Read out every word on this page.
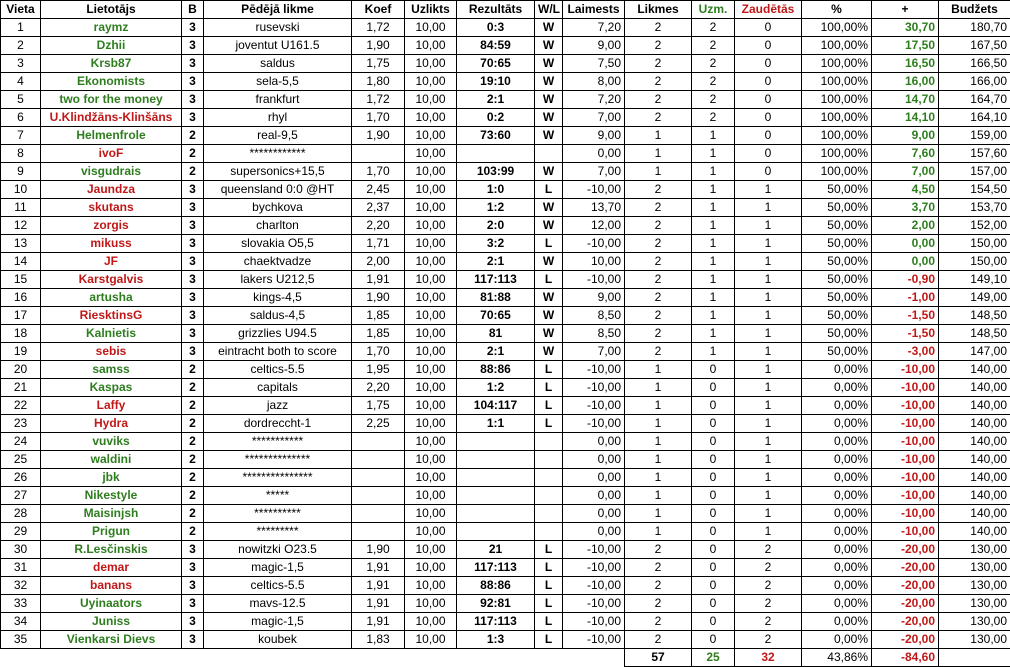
Vieta	Lietotājs	B	Pēdējā likme	Koef	Uzlikts	Rezultāts	W/L	Laimests	Likmes	Uzm.	Zaudētās	%	+	Budžets
1	raymz	3	rusevski	1,72	10,00	0:3	W	7,20	2	2	0	100,00%	30,70	180,70
2	Dzhii	3	joventut U161.5	1,90	10,00	84:59	W	9,00	2	2	0	100,00%	17,50	167,50
3	Krsb87	3	saldus	1,75	10,00	70:65	W	7,50	2	2	0	100,00%	16,50	166,50
4	Ekonomists	3	sela-5,5	1,80	10,00	19:10	W	8,00	2	2	0	100,00%	16,00	166,00
5	two for the money	3	frankfurt	1,72	10,00	2:1	W	7,20	2	2	0	100,00%	14,70	164,70
6	U.Klindžāns-Klinšāns	3	rhyl	1,70	10,00	0:2	W	7,00	2	2	0	100,00%	14,10	164,10
7	Helmenfrole	2	real-9,5	1,90	10,00	73:60	W	9,00	1	1	0	100,00%	9,00	159,00
8	ivoF	2	************		10,00			0,00	1	1	0	100,00%	7,60	157,60
9	visgudrais	2	supersonics+15,5	1,70	10,00	103:99	W	7,00	1	1	0	100,00%	7,00	157,00
10	Jaundza	3	queensland 0:0 @HT	2,45	10,00	1:0	L	-10,00	2	1	1	50,00%	4,50	154,50
11	skutans	3	bychkova	2,37	10,00	1:2	W	13,70	2	1	1	50,00%	3,70	153,70
12	zorgis	3	charlton	2,20	10,00	2:0	W	12,00	2	1	1	50,00%	2,00	152,00
13	mikuss	3	slovakia O5,5	1,71	10,00	3:2	L	-10,00	2	1	1	50,00%	0,00	150,00
14	JF	3	chaektvadze	2,00	10,00	2:1	W	10,00	2	1	1	50,00%	0,00	150,00
15	Karstgalvis	3	lakers U212,5	1,91	10,00	117:113	L	-10,00	2	1	1	50,00%	-0,90	149,10
16	artusha	3	kings-4,5	1,90	10,00	81:88	W	9,00	2	1	1	50,00%	-1,00	149,00
17	RiesktinsG	3	saldus-4,5	1,85	10,00	70:65	W	8,50	2	1	1	50,00%	-1,50	148,50
18	Kalnietis	3	grizzlies U94.5	1,85	10,00	81	W	8,50	2	1	1	50,00%	-1,50	148,50
19	sebis	3	eintracht both to score	1,70	10,00	2:1	W	7,00	2	1	1	50,00%	-3,00	147,00
20	samss	2	celtics-5.5	1,95	10,00	88:86	L	-10,00	1	0	1	0,00%	-10,00	140,00
21	Kaspas	2	capitals	2,20	10,00	1:2	L	-10,00	1	0	1	0,00%	-10,00	140,00
22	Laffy	2	jazz	1,75	10,00	104:117	L	-10,00	1	0	1	0,00%	-10,00	140,00
23	Hydra	2	dordreccht-1	2,25	10,00	1:1	L	-10,00	1	0	1	0,00%	-10,00	140,00
24	vuviks	2	***********		10,00			0,00	1	0	1	0,00%	-10,00	140,00
25	waldini	2	**************		10,00			0,00	1	0	1	0,00%	-10,00	140,00
26	jbk	2	***************		10,00			0,00	1	0	1	0,00%	-10,00	140,00
27	Nikestyle	2	*****		10,00			0,00	1	0	1	0,00%	-10,00	140,00
28	Maisinjsh	2	**********		10,00			0,00	1	0	1	0,00%	-10,00	140,00
29	Prigun	2	*********		10,00			0,00	1	0	1	0,00%	-10,00	140,00
30	R.Lesčinskis	3	nowitzki O23.5	1,90	10,00	21	L	-10,00	2	0	2	0,00%	-20,00	130,00
31	demar	3	magic-1,5	1,91	10,00	117:113	L	-10,00	2	0	2	0,00%	-20,00	130,00
32	banans	3	celtics-5.5	1,91	10,00	88:86	L	-10,00	2	0	2	0,00%	-20,00	130,00
33	Uyinaators	3	mavs-12.5	1,91	10,00	92:81	L	-10,00	2	0	2	0,00%	-20,00	130,00
34	Juniss	3	magic-1,5	1,91	10,00	117:113	L	-10,00	2	0	2	0,00%	-20,00	130,00
35	Vienkarsi Dievs	3	koubek	1,83	10,00	1:3	L	-10,00	2	0	2	0,00%	-20,00	130,00
									57	25	32	43,86%	-84,60	
